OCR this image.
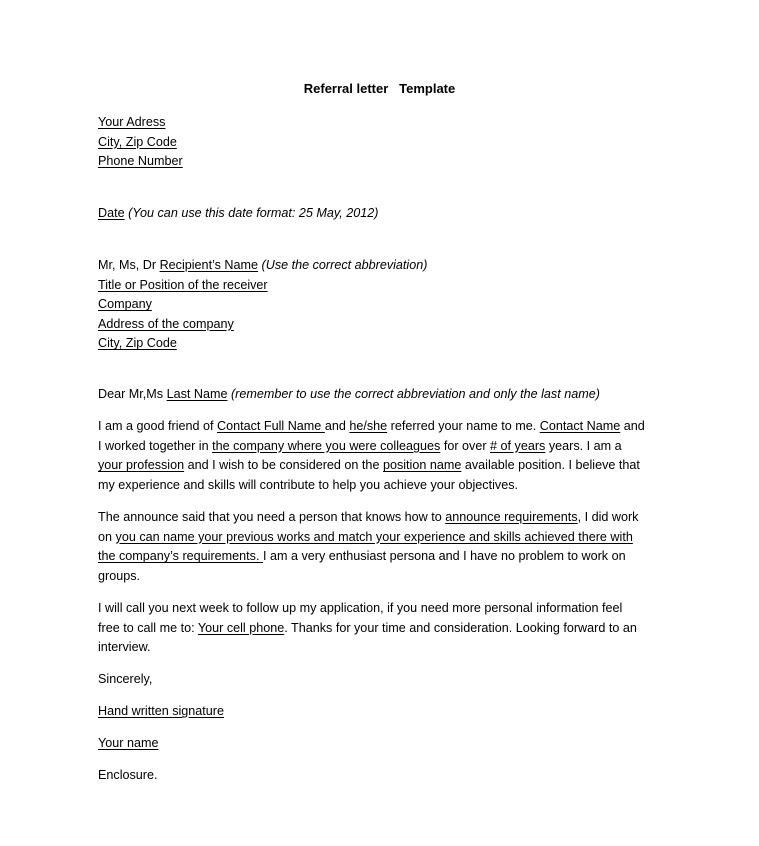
Referral letter   Template
Your Adress
City, Zip Code
Phone Number
Date (You can use this date format: 25 May, 2012)
Mr, Ms, Dr Recipient’s Name (Use the correct abbreviation)
Title or Position of the receiver
Company
Address of the company
City, Zip Code
Dear Mr,Ms Last Name (remember to use the correct abbreviation and only the last name)
I am a good friend of Contact Full Name and he/she referred your name to me. Contact Name and
I worked together in the company where you were colleagues for over # of years years. I am a
your profession and I wish to be considered on the position name available position. I believe that
my experience and skills will contribute to help you achieve your objectives.
The announce said that you need a person that knows how to announce requirements, I did work
on you can name your previous works and match your experience and skills achieved there with
the company’s requirements. I am a very enthusiast persona and I have no problem to work on
groups.
I will call you next week to follow up my application, if you need more personal information feel
free to call me to: Your cell phone. Thanks for your time and consideration. Looking forward to an
interview.
Sincerely,
Hand written signature
Your name
Enclosure.
